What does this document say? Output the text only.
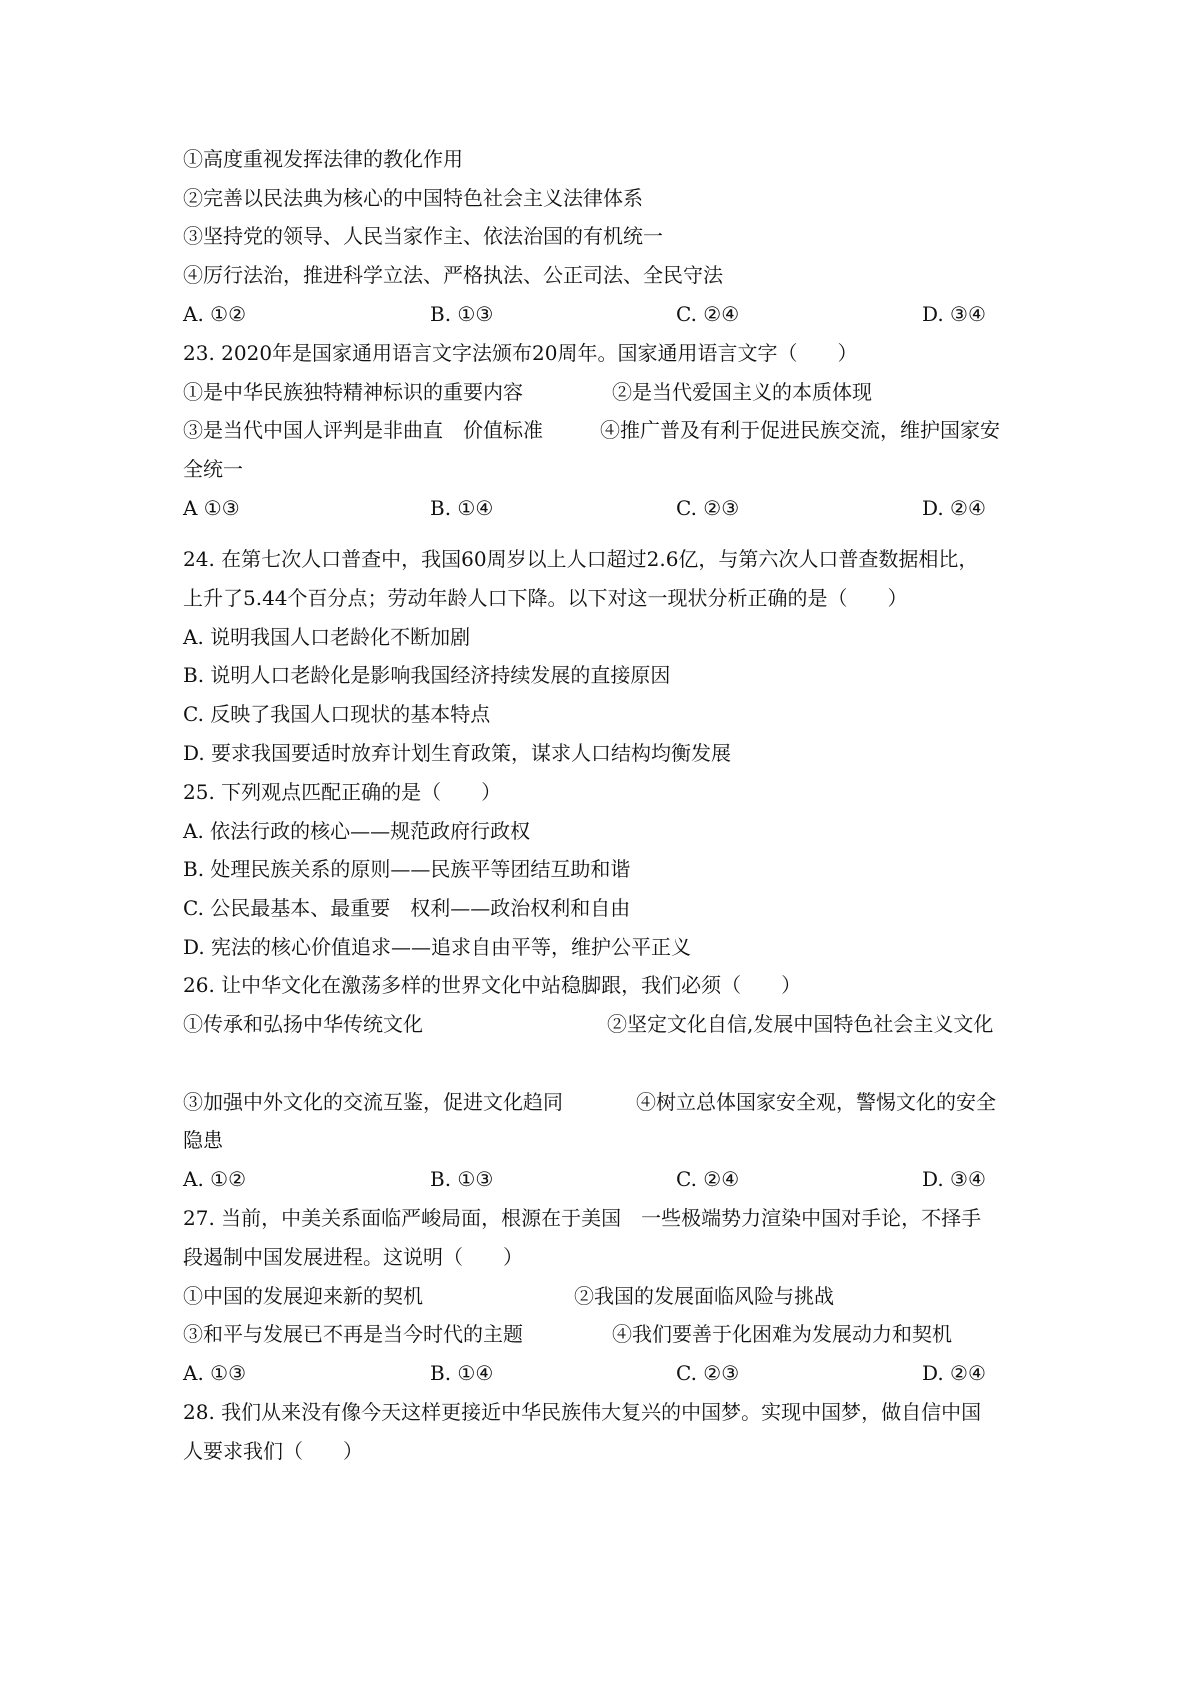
①高度重视发挥法律的教化作用
②完善以民法典为核心的中国特色社会主义法律体系
③坚持党的领导、人民当家作主、依法治国的有机统一
④厉行法治，推进科学立法、严格执法、公正司法、全民守法
A. ①②	B. ①③	C. ②④	D. ③④
23. 2020年是国家通用语言文字法颁布20周年。国家通用语言文字（　　）
①是中华民族独特精神标识的重要内容	②是当代爱国主义的本质体现
③是当代中国人评判是非曲直　价值标准	④推广普及有利于促进民族交流，维护国家安
全统一
A ①③	B. ①④	C. ②③	D. ②④
24. 在第七次人口普查中，我国60周岁以上人口超过2.6亿，与第六次人口普查数据相比，
上升了5.44个百分点；劳动年龄人口下降。以下对这一现状分析正确的是（　　）
A. 说明我国人口老龄化不断加剧
B. 说明人口老龄化是影响我国经济持续发展的直接原因
C. 反映了我国人口现状的基本特点
D. 要求我国要适时放弃计划生育政策，谋求人口结构均衡发展
25. 下列观点匹配正确的是（　　）
A. 依法行政的核心——规范政府行政权
B. 处理民族关系的原则——民族平等团结互助和谐
C. 公民最基本、最重要　权利——政治权利和自由
D. 宪法的核心价值追求——追求自由平等，维护公平正义
26. 让中华文化在激荡多样的世界文化中站稳脚跟，我们必须（　　）
①传承和弘扬中华传统文化	②坚定文化自信,发展中国特色社会主义文化
③加强中外文化的交流互鉴，促进文化趋同	④树立总体国家安全观，警惕文化的安全
隐患
A. ①②	B. ①③	C. ②④	D. ③④
27. 当前，中美关系面临严峻局面，根源在于美国　一些极端势力渲染中国对手论，不择手
段遏制中国发展进程。这说明（　　）
①中国的发展迎来新的契机	②我国的发展面临风险与挑战
③和平与发展已不再是当今时代的主题	④我们要善于化困难为发展动力和契机
A. ①③	B. ①④	C. ②③	D. ②④
28. 我们从来没有像今天这样更接近中华民族伟大复兴的中国梦。实现中国梦，做自信中国
人要求我们（　　）
